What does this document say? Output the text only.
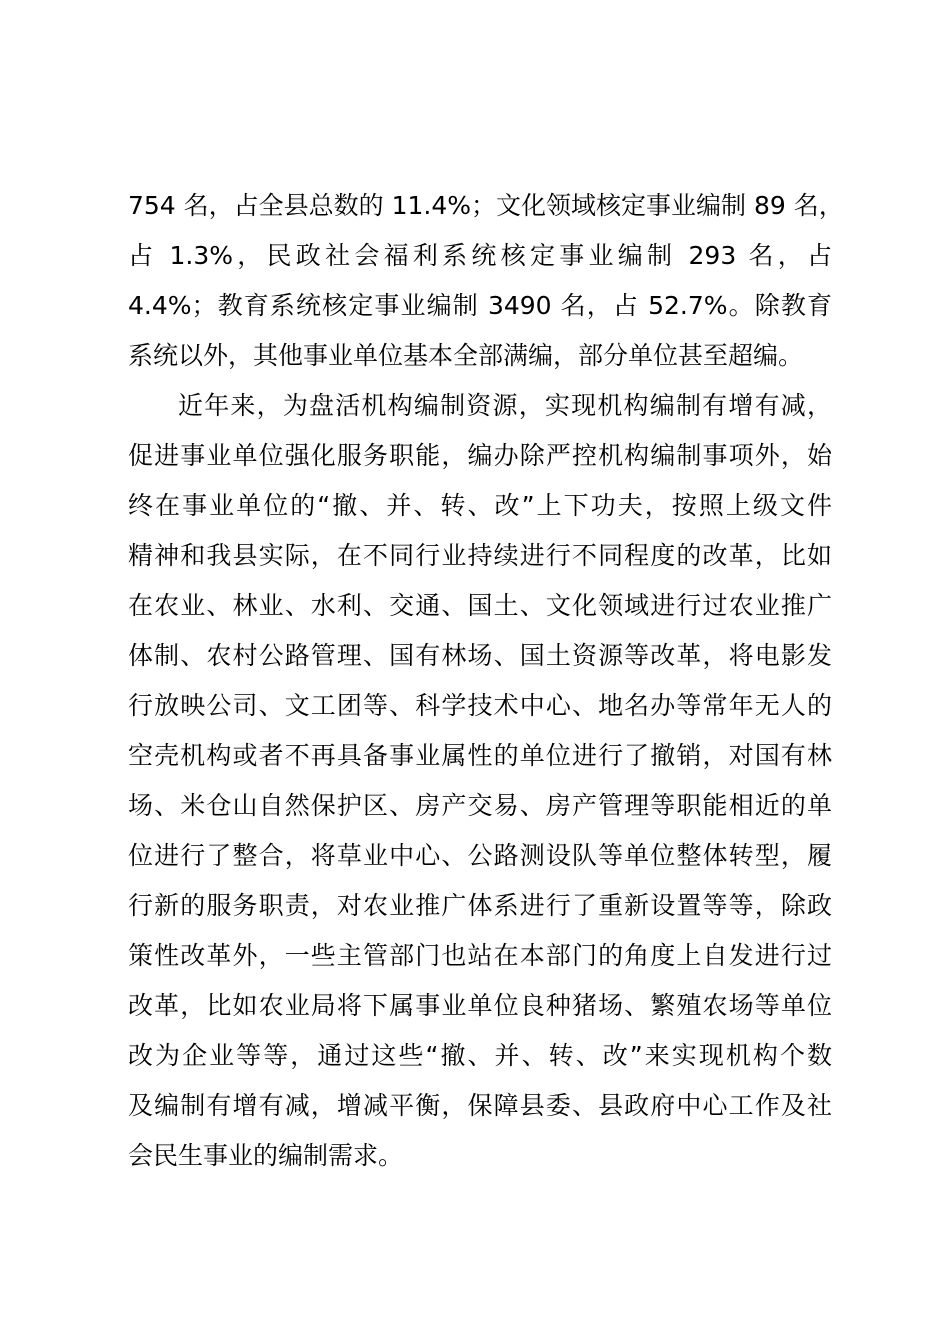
754 名，占全县总数的 11.4%；文化领域核定事业编制 89 名，
占 1.3%，民政社会福利系统核定事业编制 293 名，占
4.4%；教育系统核定事业编制 3490 名，占 52.7%。除教育
系统以外，其他事业单位基本全部满编，部分单位甚至超编。
近年来，为盘活机构编制资源，实现机构编制有增有减，
促进事业单位强化服务职能，编办除严控机构编制事项外，始
终在事业单位的“撤、并、转、改”上下功夫，按照上级文件
精神和我县实际，在不同行业持续进行不同程度的改革，比如
在农业、林业、水利、交通、国土、文化领域进行过农业推广
体制、农村公路管理、国有林场、国土资源等改革，将电影发
行放映公司、文工团等、科学技术中心、地名办等常年无人的
空壳机构或者不再具备事业属性的单位进行了撤销，对国有林
场、米仓山自然保护区、房产交易、房产管理等职能相近的单
位进行了整合，将草业中心、公路测设队等单位整体转型，履
行新的服务职责，对农业推广体系进行了重新设置等等，除政
策性改革外，一些主管部门也站在本部门的角度上自发进行过
改革，比如农业局将下属事业单位良种猪场、繁殖农场等单位
改为企业等等，通过这些“撤、并、转、改”来实现机构个数
及编制有增有减，增减平衡，保障县委、县政府中心工作及社
会民生事业的编制需求。
